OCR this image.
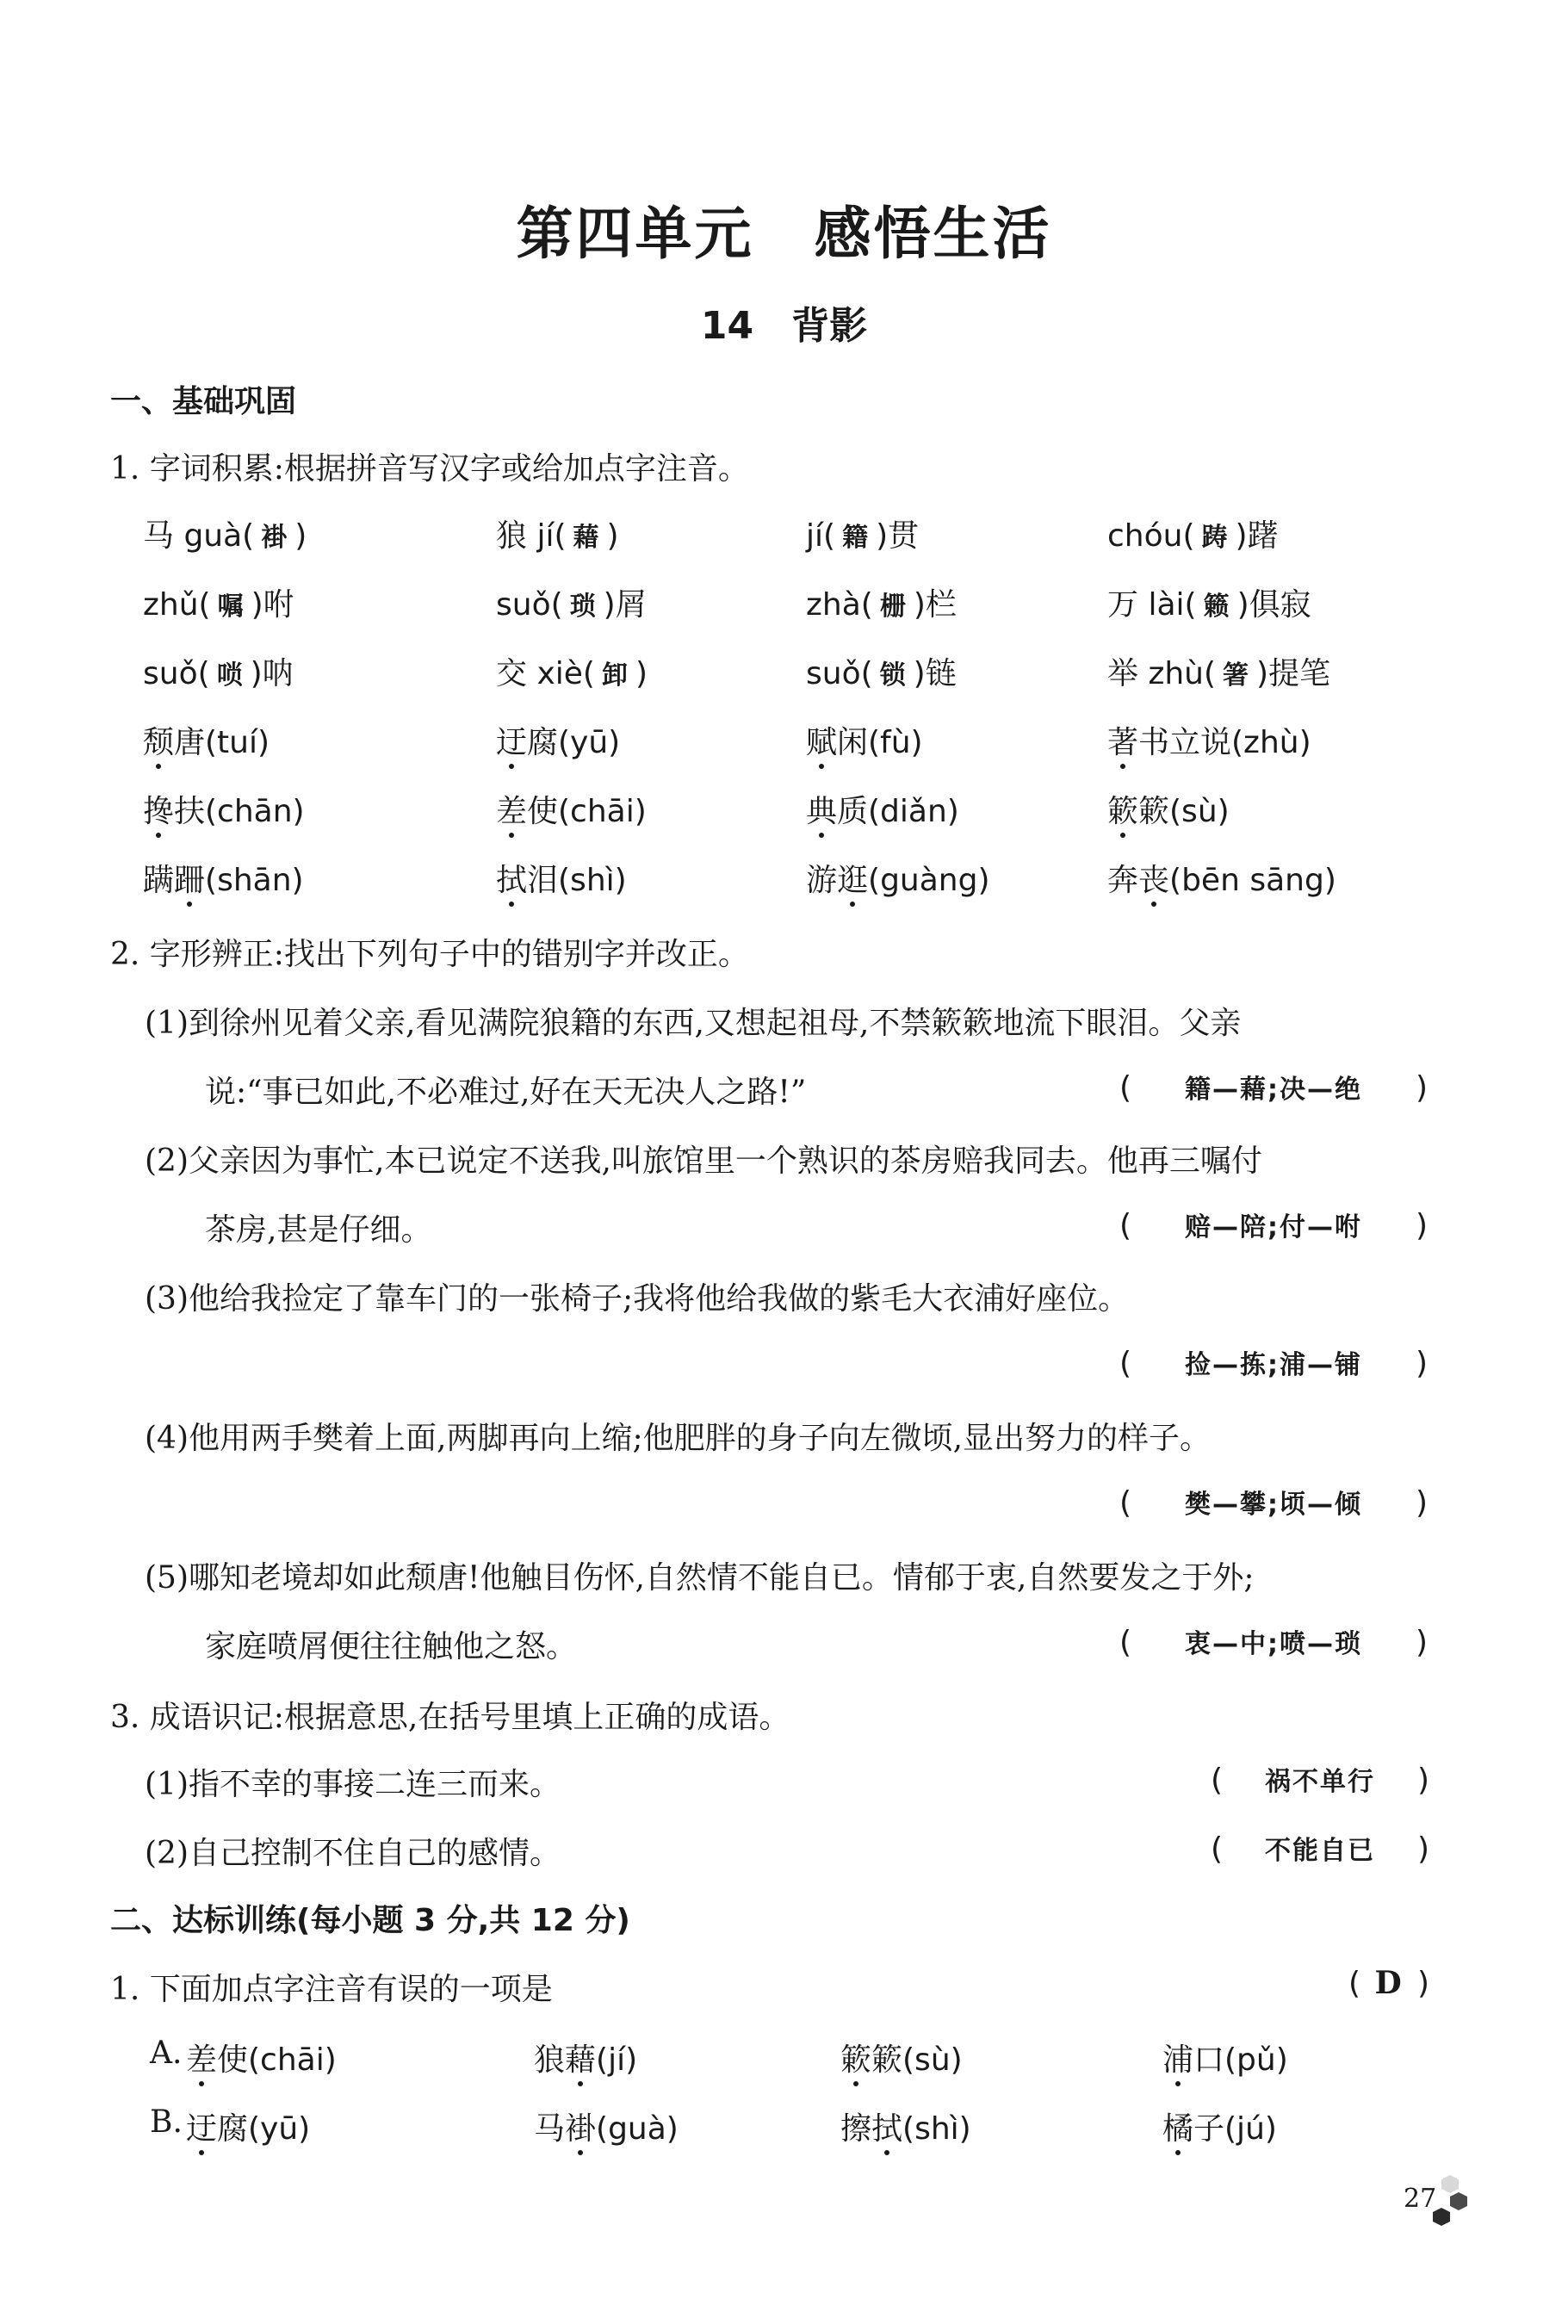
第四单元 感悟生活
14 背影
一、基础巩固
1. 字词积累:根据拼音写汉字或给加点字注音。
马 guà( 褂 )	狼 jí( 藉 )	jí( 籍 )贯	chóu( 踌 )躇
zhǔ( 嘱 )咐	suǒ( 琐 )屑	zhà( 栅 )栏	万 lài( 籁 )俱寂
suǒ( 唢 )呐	交 xiè( 卸 )	suǒ( 锁 )链	举 zhù( 箸 )提笔
颓唐(tuí)	迂腐(yū)	赋闲(fù)	著书立说(zhù)
搀扶(chān)	差使(chāi)	典质(diǎn)	簌簌(sù)
蹒跚(shān)	拭泪(shì)	游逛(guàng)	奔丧(bēn sāng)
2. 字形辨正:找出下列句子中的错别字并改正。
(1)到徐州见着父亲,看见满院狼籍的东西,又想起祖母,不禁簌簌地流下眼泪。父亲
说:“事已如此,不必难过,好在天无决人之路!”	( 籍—藉;决—绝 )
(2)父亲因为事忙,本已说定不送我,叫旅馆里一个熟识的茶房赔我同去。他再三嘱付
茶房,甚是仔细。	( 赔—陪;付—咐 )
(3)他给我捡定了靠车门的一张椅子;我将他给我做的紫毛大衣浦好座位。
( 捡—拣;浦—铺 )
(4)他用两手樊着上面,两脚再向上缩;他肥胖的身子向左微顷,显出努力的样子。
( 樊—攀;顷—倾 )
(5)哪知老境却如此颓唐!他触目伤怀,自然情不能自已。情郁于衷,自然要发之于外;
家庭喷屑便往往触他之怒。	( 衷—中;喷—琐 )
3. 成语识记:根据意思,在括号里填上正确的成语。
(1)指不幸的事接二连三而来。	( 祸不单行 )
(2)自己控制不住自己的感情。	( 不能自已 )
二、达标训练(每小题 3 分,共 12 分)
1. 下面加点字注音有误的一项是	( D )
A. 差使(chāi)	狼藉(jí)	簌簌(sù)	浦口(pǔ)
B. 迂腐(yū)	马褂(guà)	擦拭(shì)	橘子(jú)
27
